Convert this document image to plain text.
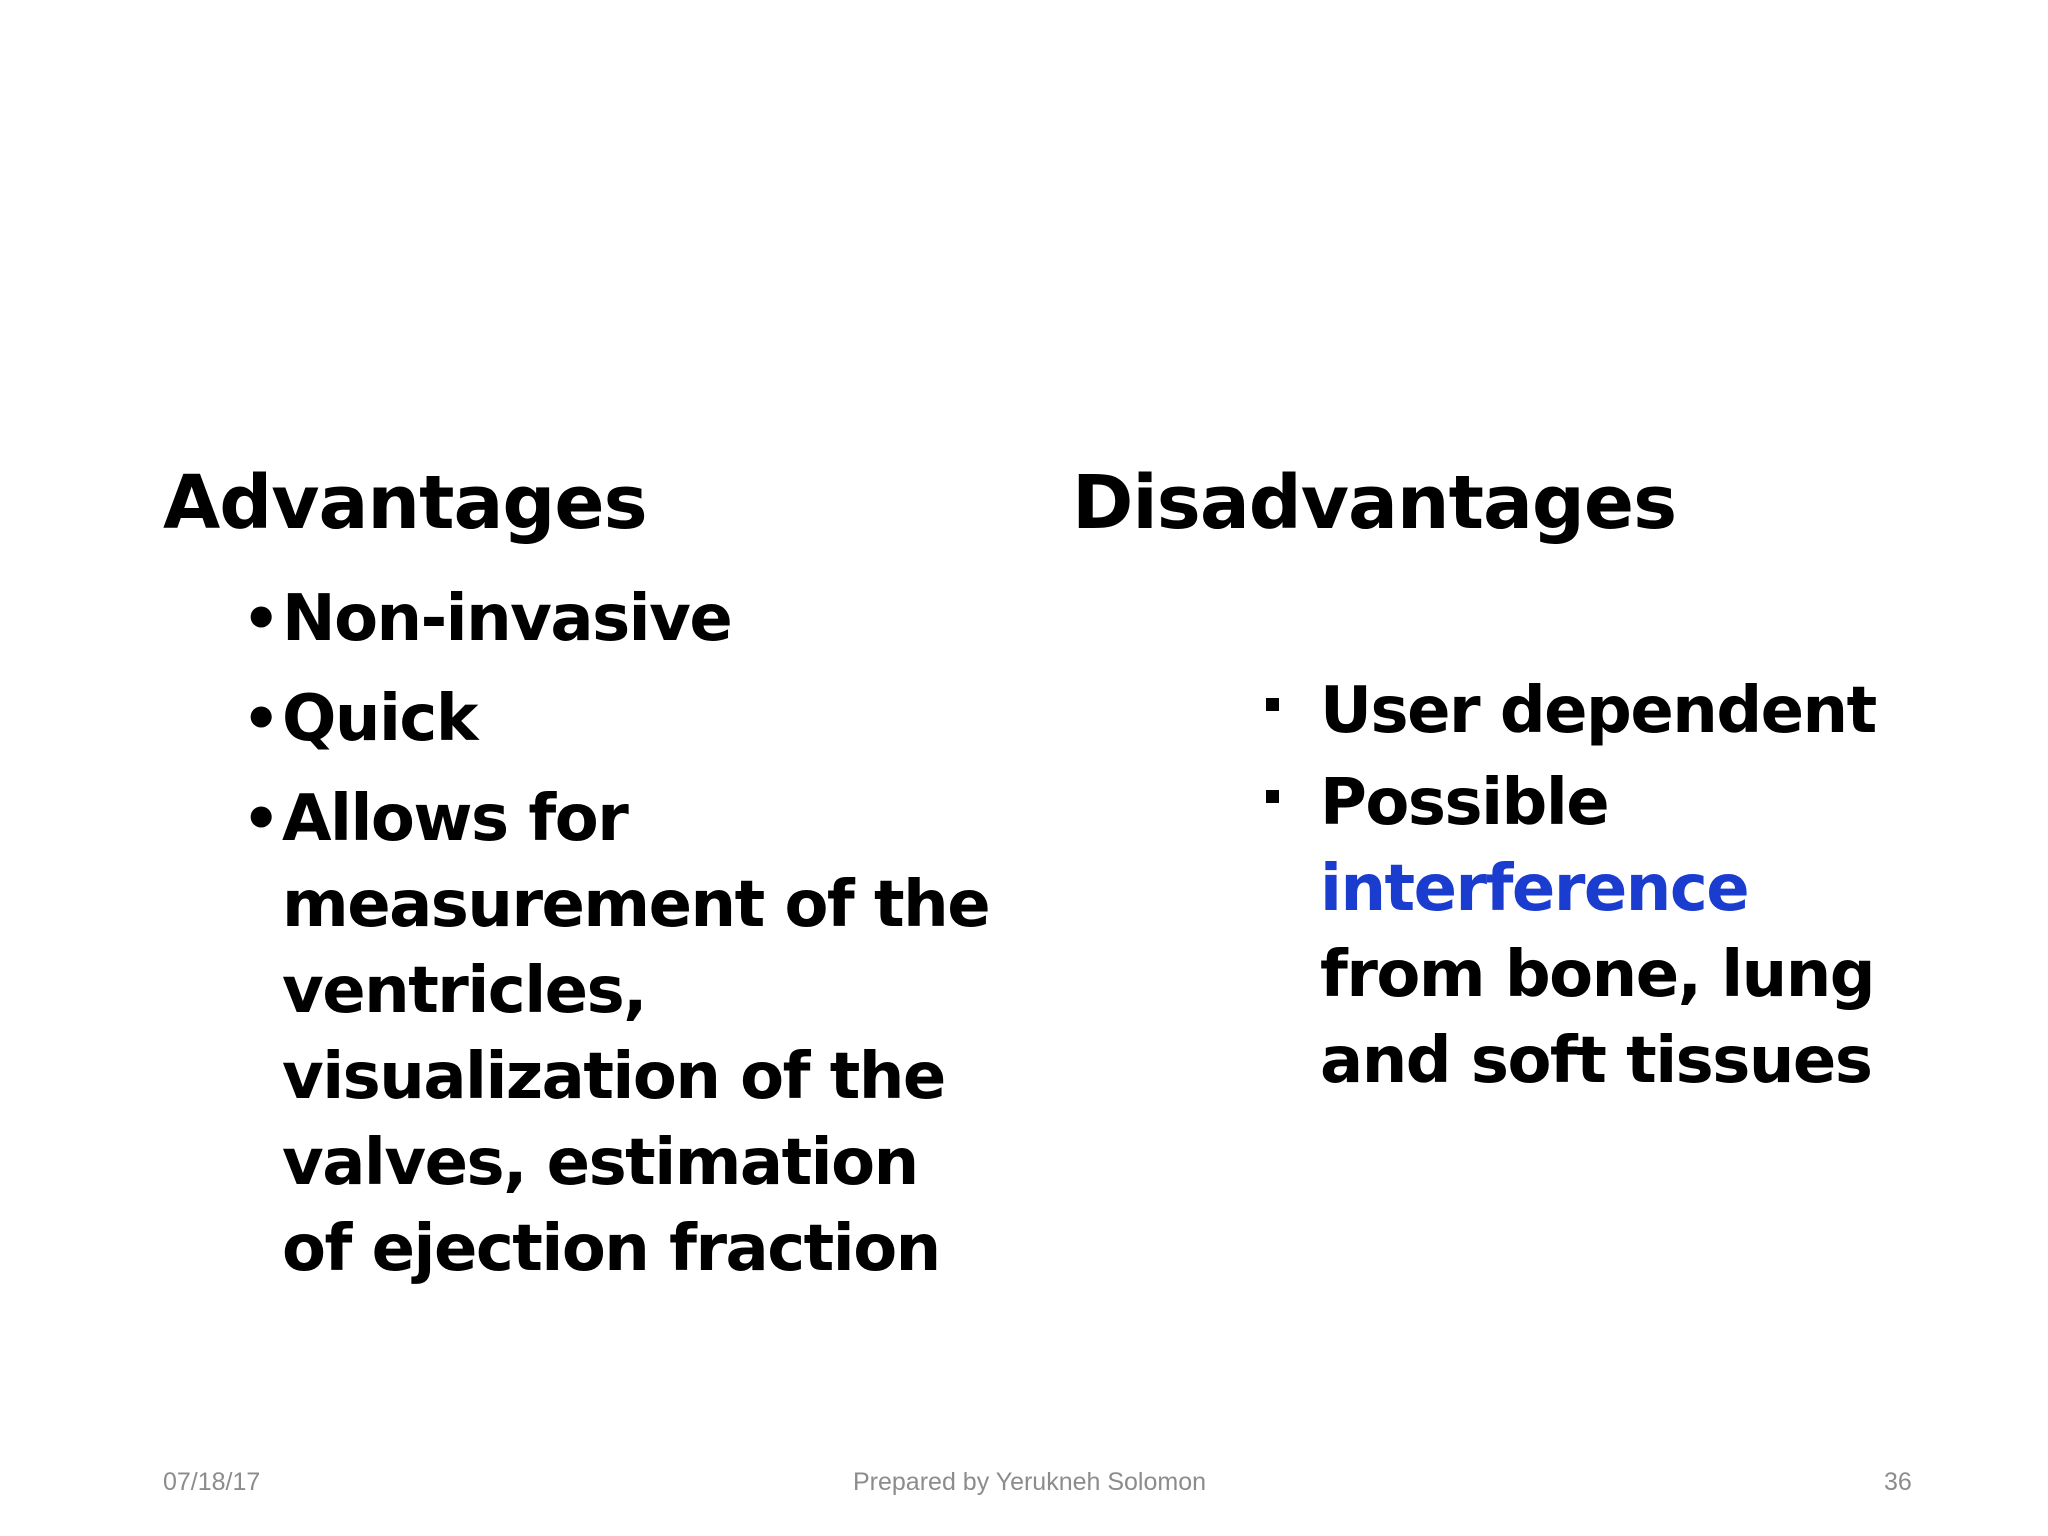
Advantages	Disadvantages
• Non-invasive
• Quick
• Allows for measurement of the ventricles, visualization of the valves, estimation of ejection fraction
User dependent
Possible interference from bone, lung and soft tissues
07/18/17	Prepared by Yerukneh Solomon	36
